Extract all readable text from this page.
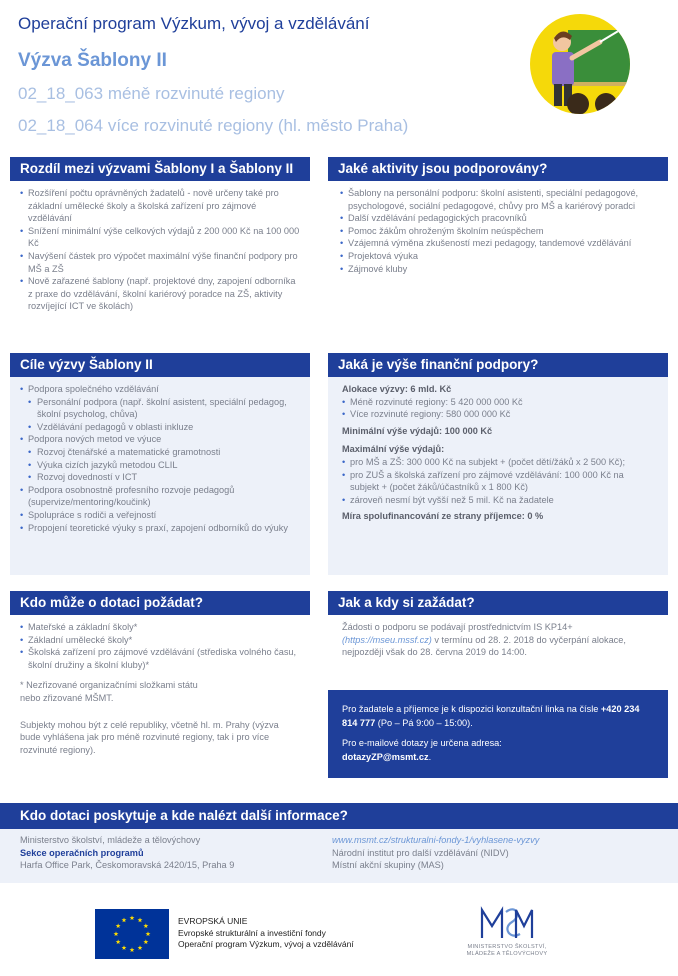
Operační program Výzkum, vývoj a vzdělávání
Výzva Šablony II
02_18_063 méně rozvinuté regiony
02_18_064 více rozvinuté regiony (hl. město Praha)
Rozdíl mezi výzvami Šablony I a Šablony II
• Rozšíření počtu oprávněných žadatelů - nově určeny také pro základní umělecké školy a školská zařízení pro zájmové vzdělávání
• Snížení minimální výše celkových výdajů z 200 000 Kč na 100 000 Kč
• Navýšení částek pro výpočet maximální výše finanční podpory pro MŠ a ZŠ
• Nově zařazené šablony (např. projektové dny, zapojení odborníka z praxe do vzdělávání, školní kariérový poradce na ZŠ, aktivity rozvíjející ICT ve školách)
Jaké aktivity jsou podporovány?
• Šablony na personální podporu: školní asistenti, speciální pedagogové, psychologové, sociální pedagogové, chůvy pro MŠ a kariérový poradci
• Další vzdělávání pedagogických pracovníků
• Pomoc žákům ohroženým školním neúspěchem
• Vzájemná výměna zkušeností mezi pedagogy, tandemové vzdělávání
• Projektová výuka
• Zájmové kluby
Cíle výzvy Šablony II
• Podpora společného vzdělávání
• Personální podpora (např. školní asistent, speciální pedagog, školní psycholog, chůva)
• Vzdělávání pedagogů v oblasti inkluze
• Podpora nových metod ve výuce
• Rozvoj čtenářské a matematické gramotnosti
• Výuka cizích jazyků metodou CLIL
• Rozvoj dovedností v ICT
• Podpora osobnostně profesního rozvoje pedagogů (supervize/mentoring/koučink)
• Spolupráce s rodiči a veřejností
• Propojení teoretické výuky s praxí, zapojení odborníků do výuky
Jaká je výše finanční podpory?
Alokace výzvy: 6 mld. Kč
• Méně rozvinuté regiony: 5 420 000 000 Kč
• Více rozvinuté regiony: 580 000 000 Kč
Minimální výše výdajů: 100 000 Kč
Maximální výše výdajů:
• pro MŠ a ZŠ: 300 000 Kč na subjekt + (počet dětí/žáků x 2 500 Kč);
• pro ZUŠ a školská zařízení pro zájmové vzdělávání: 100 000 Kč na subjekt + (počet žáků/účastníků x 1 800 Kč)
• zároveň nesmí být vyšší než 5 mil. Kč na žadatele
Míra spolufinancování ze strany příjemce: 0 %
Kdo může o dotaci požádat?
• Mateřské a základní školy*
• Základní umělecké školy*
• Školská zařízení pro zájmové vzdělávání (střediska volného času, školní družiny a školní kluby)*
* Nezřizované organizačními složkami státu nebo zřizované MŠMT.
Subjekty mohou být z celé republiky, včetně hl. m. Prahy (výzva bude vyhlášena jak pro méně rozvinuté regiony, tak i pro více rozvinuté regiony).
Jak a kdy si zažádat?
Žádosti o podporu se podávají prostřednictvím IS KP14+ (https://mseu.mssf.cz) v termínu od 28. 2. 2018 do vyčerpání alokace, nejpozději však do 28. června 2019 do 14:00.
Pro žadatele a příjemce je k dispozici konzultační linka na čísle +420 234 814 777 (Po – Pá 9:00 – 15:00).
Pro e-mailové dotazy je určena adresa:
dotazyZP@msmt.cz.
Kdo dotaci poskytuje a kde nalézt další informace?
Ministerstvo školství, mládeže a tělovýchovy
Sekce operačních programů
Harfa Office Park, Českomoravská 2420/15, Praha 9
www.msmt.cz/strukturalni-fondy-1/vyhlasene-vyzvy
Národní institut pro další vzdělávání (NIDV)
Místní akční skupiny (MAS)
EVROPSKÁ UNIE
Evropské strukturální a investiční fondy
Operační program Výzkum, vývoj a vzdělávání	MINISTERSTVO ŠKOLSTVÍ,
MLÁDEŽE A TĚLOVÝCHOVY
